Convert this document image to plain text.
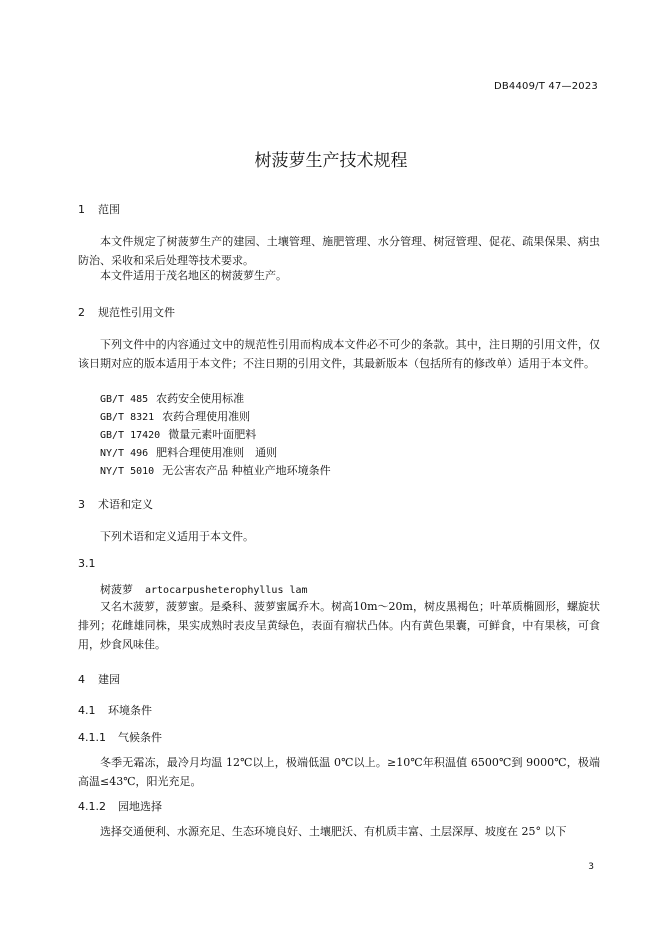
DB4409/T 47—2023
树菠萝生产技术规程
1 范围
本文件规定了树菠萝生产的建园、土壤管理、施肥管理、水分管理、树冠管理、促花、疏果保果、病虫防治、采收和采后处理等技术要求。
本文件适用于茂名地区的树菠萝生产。
2 规范性引用文件
下列文件中的内容通过文中的规范性引用而构成本文件必不可少的条款。其中，注日期的引用文件，仅该日期对应的版本适用于本文件；不注日期的引用文件，其最新版本（包括所有的修改单）适用于本文件。
GB/T 485 农药安全使用标准
GB/T 8321 农药合理使用准则
GB/T 17420 微量元素叶面肥料
NY/T 496 肥料合理使用准则　通则
NY/T 5010 无公害农产品 种植业产地环境条件
3 术语和定义
下列术语和定义适用于本文件。
3.1
树菠萝 artocarpusheterophyllus lam
又名木菠萝，菠萝蜜。是桑科、菠萝蜜属乔木。树高10m～20m，树皮黑褐色；叶革质椭圆形，螺旋状排列；花雌雄同株，果实成熟时表皮呈黄绿色，表面有瘤状凸体。内有黄色果囊，可鲜食，中有果核，可食用，炒食风味佳。
4 建园
4.1 环境条件
4.1.1 气候条件
冬季无霜冻，最冷月均温 12℃以上，极端低温 0℃以上。≥10℃年积温值 6500℃到 9000℃，极端高温≤43℃，阳光充足。
4.1.2 园地选择
选择交通便利、水源充足、生态环境良好、土壤肥沃、有机质丰富、土层深厚、坡度在 25° 以下
3
